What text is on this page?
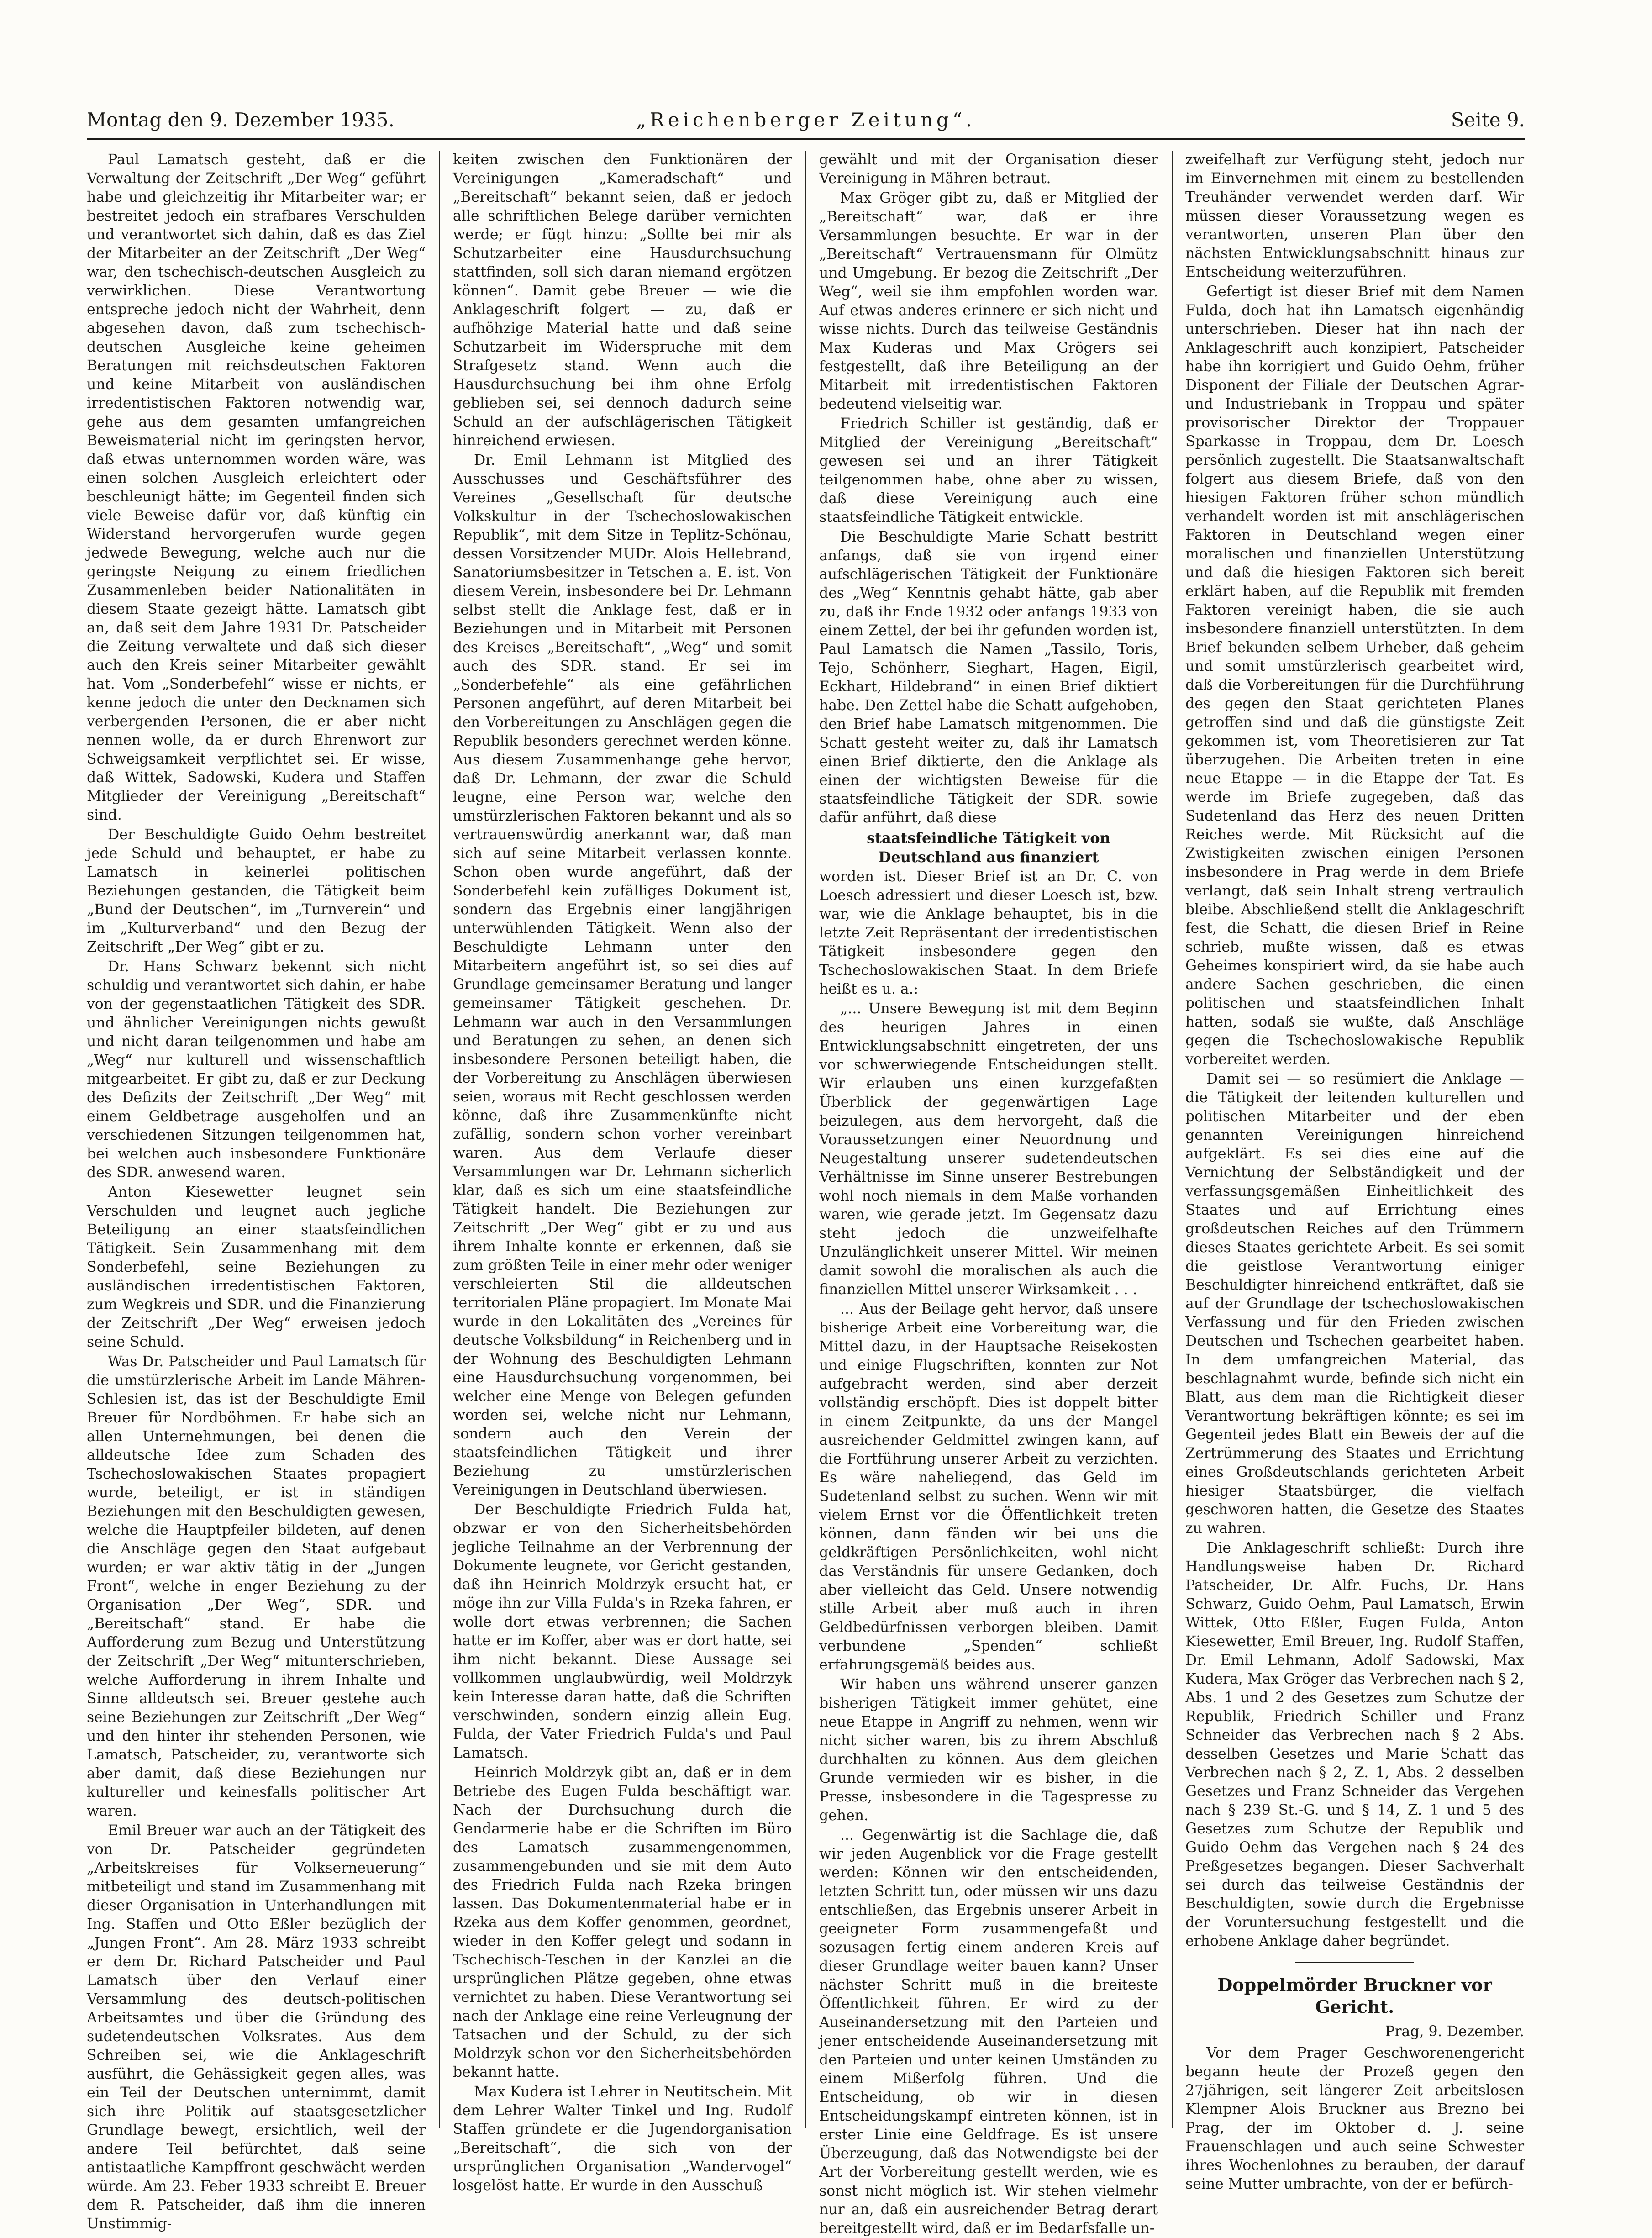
Montag den 9. Dezember 1935.	„Reichenberger Zeitung“.	Seite 9.

Paul Lamatsch gesteht, daß er die Verwaltung der Zeitschrift „Der Weg“ geführt habe und gleichzeitig ihr Mitarbeiter war; er bestreitet jedoch ein strafbares Verschulden und verantwortet sich dahin, daß es das Ziel der Mitarbeiter an der Zeitschrift „Der Weg“ war, den tschechisch-deutschen Ausgleich zu verwirklichen. Diese Verantwortung entspreche jedoch nicht der Wahrheit, denn abgesehen davon, daß zum tschechisch-deutschen Ausgleiche keine geheimen Beratungen mit reichsdeutschen Faktoren und keine Mitarbeit von ausländischen irredentistischen Faktoren notwendig war, gehe aus dem gesamten umfangreichen Beweismaterial nicht im geringsten hervor, daß etwas unternommen worden wäre, was einen solchen Ausgleich erleichtert oder beschleunigt hätte; im Gegenteil finden sich viele Beweise dafür vor, daß künftig ein Widerstand hervorgerufen wurde gegen jedwede Bewegung, welche auch nur die geringste Neigung zu einem friedlichen Zusammenleben beider Nationalitäten in diesem Staate gezeigt hätte. Lamatsch gibt an, daß seit dem Jahre 1931 Dr. Patscheider die Zeitung verwaltete und daß sich dieser auch den Kreis seiner Mitarbeiter gewählt hat. Vom „Sonderbefehl“ wisse er nichts, er kenne jedoch die unter den Decknamen sich verbergenden Personen, die er aber nicht nennen wolle, da er durch Ehrenwort zur Schweigsamkeit verpflichtet sei. Er wisse, daß Wittek, Sadowski, Kudera und Staffen Mitglieder der Vereinigung „Bereitschaft“ sind.

Der Beschuldigte Guido Oehm bestreitet jede Schuld und behauptet, er habe zu Lamatsch in keinerlei politischen Beziehungen gestanden, die Tätigkeit beim „Bund der Deutschen“, im „Turnverein“ und im „Kulturverband“ und den Bezug der Zeitschrift „Der Weg“ gibt er zu.

Dr. Hans Schwarz bekennt sich nicht schuldig und verantwortet sich dahin, er habe von der gegenstaatlichen Tätigkeit des SDR. und ähnlicher Vereinigungen nichts gewußt und nicht daran teilgenommen und habe am „Weg“ nur kulturell und wissenschaftlich mitgearbeitet. Er gibt zu, daß er zur Deckung des Defizits der Zeitschrift „Der Weg“ mit einem Geldbetrage ausgeholfen und an verschiedenen Sitzungen teilgenommen hat, bei welchen auch insbesondere Funktionäre des SDR. anwesend waren.

Anton Kiesewetter leugnet sein Verschulden und leugnet auch jegliche Beteiligung an einer staatsfeindlichen Tätigkeit. Sein Zusammenhang mit dem Sonderbefehl, seine Beziehungen zu ausländischen irredentistischen Faktoren, zum Wegkreis und SDR. und die Finanzierung der Zeitschrift „Der Weg“ erweisen jedoch seine Schuld.

Was Dr. Patscheider und Paul Lamatsch für die umstürzlerische Arbeit im Lande Mähren-Schlesien ist, das ist der Beschuldigte Emil Breuer für Nordböhmen. Er habe sich an allen Unternehmungen, bei denen die alldeutsche Idee zum Schaden des Tschechoslowakischen Staates propagiert wurde, beteiligt, er ist in ständigen Beziehungen mit den Beschuldigten gewesen, welche die Hauptpfeiler bildeten, auf denen die Anschläge gegen den Staat aufgebaut wurden; er war aktiv tätig in der „Jungen Front“, welche in enger Beziehung zu der Organisation „Der Weg“, SDR. und „Bereitschaft“ stand. Er habe die Aufforderung zum Bezug und Unterstützung der Zeitschrift „Der Weg“ mitunterschrieben, welche Aufforderung in ihrem Inhalte und Sinne alldeutsch sei. Breuer gestehe auch seine Beziehungen zur Zeitschrift „Der Weg“ und den hinter ihr stehenden Personen, wie Lamatsch, Patscheider, zu, verantworte sich aber damit, daß diese Beziehungen nur kultureller und keinesfalls politischer Art waren.

Emil Breuer war auch an der Tätigkeit des von Dr. Patscheider gegründeten „Arbeitskreises für Volkserneuerung“ mitbeteiligt und stand im Zusammenhang mit dieser Organisation in Unterhandlungen mit Ing. Staffen und Otto Eßler bezüglich der „Jungen Front“. Am 28. März 1933 schreibt er dem Dr. Richard Patscheider und Paul Lamatsch über den Verlauf einer Versammlung des deutsch-politischen Arbeitsamtes und über die Gründung des sudetendeutschen Volksrates. Aus dem Schreiben sei, wie die Anklageschrift ausführt, die Gehässigkeit gegen alles, was ein Teil der Deutschen unternimmt, damit sich ihre Politik auf staatsgesetzlicher Grundlage bewegt, ersichtlich, weil der andere Teil befürchtet, daß seine antistaatliche Kampffront geschwächt werden würde. Am 23. Feber 1933 schreibt E. Breuer dem R. Patscheider, daß ihm die inneren Unstimmig-

keiten zwischen den Funktionären der Vereinigungen „Kameradschaft“ und „Bereitschaft“ bekannt seien, daß er jedoch alle schriftlichen Belege darüber vernichten werde; er fügt hinzu: „Sollte bei mir als Schutzarbeiter eine Hausdurchsuchung stattfinden, soll sich daran niemand ergötzen können“. Damit gebe Breuer — wie die Anklageschrift folgert — zu, daß er aufhöhzige Material hatte und daß seine Schutzarbeit im Widerspruche mit dem Strafgesetz stand. Wenn auch die Hausdurchsuchung bei ihm ohne Erfolg geblieben sei, sei dennoch dadurch seine Schuld an der aufschlägerischen Tätigkeit hinreichend erwiesen.

Dr. Emil Lehmann ist Mitglied des Ausschusses und Geschäftsführer des Vereines „Gesellschaft für deutsche Volkskultur in der Tschechoslowakischen Republik“, mit dem Sitze in Teplitz-Schönau, dessen Vorsitzender MUDr. Alois Hellebrand, Sanatoriumsbesitzer in Tetschen a. E. ist. Von diesem Verein, insbesondere bei Dr. Lehmann selbst stellt die Anklage fest, daß er in Beziehungen und in Mitarbeit mit Personen des Kreises „Bereitschaft“, „Weg“ und somit auch des SDR. stand. Er sei im „Sonderbefehle“ als eine gefährlichen Personen angeführt, auf deren Mitarbeit bei den Vorbereitungen zu Anschlägen gegen die Republik besonders gerechnet werden könne. Aus diesem Zusammenhange gehe hervor, daß Dr. Lehmann, der zwar die Schuld leugne, eine Person war, welche den umstürzlerischen Faktoren bekannt und als so vertrauenswürdig anerkannt war, daß man sich auf seine Mitarbeit verlassen konnte. Schon oben wurde angeführt, daß der Sonderbefehl kein zufälliges Dokument ist, sondern das Ergebnis einer langjährigen unterwühlenden Tätigkeit. Wenn also der Beschuldigte Lehmann unter den Mitarbeitern angeführt ist, so sei dies auf Grundlage gemeinsamer Beratung und langer gemeinsamer Tätigkeit geschehen. Dr. Lehmann war auch in den Versammlungen und Beratungen zu sehen, an denen sich insbesondere Personen beteiligt haben, die der Vorbereitung zu Anschlägen überwiesen seien, woraus mit Recht geschlossen werden könne, daß ihre Zusammenkünfte nicht zufällig, sondern schon vorher vereinbart waren. Aus dem Verlaufe dieser Versammlungen war Dr. Lehmann sicherlich klar, daß es sich um eine staatsfeindliche Tätigkeit handelt. Die Beziehungen zur Zeitschrift „Der Weg“ gibt er zu und aus ihrem Inhalte konnte er erkennen, daß sie zum größten Teile in einer mehr oder weniger verschleierten Stil die alldeutschen territorialen Pläne propagiert. Im Monate Mai wurde in den Lokalitäten des „Vereines für deutsche Volksbildung“ in Reichenberg und in der Wohnung des Beschuldigten Lehmann eine Hausdurchsuchung vorgenommen, bei welcher eine Menge von Belegen gefunden worden sei, welche nicht nur Lehmann, sondern auch den Verein der staatsfeindlichen Tätigkeit und ihrer Beziehung zu umstürzlerischen Vereinigungen in Deutschland überwiesen.

Der Beschuldigte Friedrich Fulda hat, obzwar er von den Sicherheitsbehörden jegliche Teilnahme an der Verbrennung der Dokumente leugnete, vor Gericht gestanden, daß ihn Heinrich Moldrzyk ersucht hat, er möge ihn zur Villa Fulda's in Rzeka fahren, er wolle dort etwas verbrennen; die Sachen hatte er im Koffer, aber was er dort hatte, sei ihm nicht bekannt. Diese Aussage sei vollkommen unglaubwürdig, weil Moldrzyk kein Interesse daran hatte, daß die Schriften verschwinden, sondern einzig allein Eug. Fulda, der Vater Friedrich Fulda's und Paul Lamatsch.

Heinrich Moldrzyk gibt an, daß er in dem Betriebe des Eugen Fulda beschäftigt war. Nach der Durchsuchung durch die Gendarmerie habe er die Schriften im Büro des Lamatsch zusammengenommen, zusammengebunden und sie mit dem Auto des Friedrich Fulda nach Rzeka bringen lassen. Das Dokumentenmaterial habe er in Rzeka aus dem Koffer genommen, geordnet, wieder in den Koffer gelegt und sodann in Tschechisch-Teschen in der Kanzlei an die ursprünglichen Plätze gegeben, ohne etwas vernichtet zu haben. Diese Verantwortung sei nach der Anklage eine reine Verleugnung der Tatsachen und der Schuld, zu der sich Moldrzyk schon vor den Sicherheitsbehörden bekannt hatte.

Max Kudera ist Lehrer in Neutitschein. Mit dem Lehrer Walter Tinkel und Ing. Rudolf Staffen gründete er die Jugendorganisation „Bereitschaft“, die sich von der ursprünglichen Organisation „Wandervogel“ losgelöst hatte. Er wurde in den Ausschuß

gewählt und mit der Organisation dieser Vereinigung in Mähren betraut.

Max Gröger gibt zu, daß er Mitglied der „Bereitschaft“ war, daß er ihre Versammlungen besuchte. Er war in der „Bereitschaft“ Vertrauensmann für Olmütz und Umgebung. Er bezog die Zeitschrift „Der Weg“, weil sie ihm empfohlen worden war. Auf etwas anderes erinnere er sich nicht und wisse nichts. Durch das teilweise Geständnis Max Kuderas und Max Grögers sei festgestellt, daß ihre Beteiligung an der Mitarbeit mit irredentistischen Faktoren bedeutend vielseitig war.

Friedrich Schiller ist geständig, daß er Mitglied der Vereinigung „Bereitschaft“ gewesen sei und an ihrer Tätigkeit teilgenommen habe, ohne aber zu wissen, daß diese Vereinigung auch eine staatsfeindliche Tätigkeit entwickle.

Die Beschuldigte Marie Schatt bestritt anfangs, daß sie von irgend einer aufschlägerischen Tätigkeit der Funktionäre des „Weg“ Kenntnis gehabt hätte, gab aber zu, daß ihr Ende 1932 oder anfangs 1933 von einem Zettel, der bei ihr gefunden worden ist, Paul Lamatsch die Namen „Tassilo, Toris, Tejo, Schönherr, Sieghart, Hagen, Eigil, Eckhart, Hildebrand“ in einen Brief diktiert habe. Den Zettel habe die Schatt aufgehoben, den Brief habe Lamatsch mitgenommen. Die Schatt gesteht weiter zu, daß ihr Lamatsch einen Brief diktierte, den die Anklage als einen der wichtigsten Beweise für die staatsfeindliche Tätigkeit der SDR. sowie dafür anführt, daß diese

staatsfeindliche Tätigkeit von Deutschland aus finanziert

worden ist. Dieser Brief ist an Dr. C. von Loesch adressiert und dieser Loesch ist, bzw. war, wie die Anklage behauptet, bis in die letzte Zeit Repräsentant der irredentistischen Tätigkeit insbesondere gegen den Tschechoslowakischen Staat. In dem Briefe heißt es u. a.:

„... Unsere Bewegung ist mit dem Beginn des heurigen Jahres in einen Entwicklungsabschnitt eingetreten, der uns vor schwerwiegende Entscheidungen stellt. Wir erlauben uns einen kurzgefaßten Überblick der gegenwärtigen Lage beizulegen, aus dem hervorgeht, daß die Voraussetzungen einer Neuordnung und Neugestaltung unserer sudetendeutschen Verhältnisse im Sinne unserer Bestrebungen wohl noch niemals in dem Maße vorhanden waren, wie gerade jetzt. Im Gegensatz dazu steht jedoch die unzweifelhafte Unzulänglichkeit unserer Mittel. Wir meinen damit sowohl die moralischen als auch die finanziellen Mittel unserer Wirksamkeit . . .

... Aus der Beilage geht hervor, daß unsere bisherige Arbeit eine Vorbereitung war, die Mittel dazu, in der Hauptsache Reisekosten und einige Flugschriften, konnten zur Not aufgebracht werden, sind aber derzeit vollständig erschöpft. Dies ist doppelt bitter in einem Zeitpunkte, da uns der Mangel ausreichender Geldmittel zwingen kann, auf die Fortführung unserer Arbeit zu verzichten. Es wäre naheliegend, das Geld im Sudetenland selbst zu suchen. Wenn wir mit vielem Ernst vor die Öffentlichkeit treten können, dann fänden wir bei uns die geldkräftigen Persönlichkeiten, wohl nicht das Verständnis für unsere Gedanken, doch aber vielleicht das Geld. Unsere notwendig stille Arbeit aber muß auch in ihren Geldbedürfnissen verborgen bleiben. Damit verbundene „Spenden“ schließt erfahrungsgemäß beides aus.

Wir haben uns während unserer ganzen bisherigen Tätigkeit immer gehütet, eine neue Etappe in Angriff zu nehmen, wenn wir nicht sicher waren, bis zu ihrem Abschluß durchhalten zu können. Aus dem gleichen Grunde vermieden wir es bisher, in die Presse, insbesondere in die Tagespresse zu gehen.

... Gegenwärtig ist die Sachlage die, daß wir jeden Augenblick vor die Frage gestellt werden: Können wir den entscheidenden, letzten Schritt tun, oder müssen wir uns dazu entschließen, das Ergebnis unserer Arbeit in geeigneter Form zusammengefaßt und sozusagen fertig einem anderen Kreis auf dieser Grundlage weiter bauen kann? Unser nächster Schritt muß in die breiteste Öffentlichkeit führen. Er wird zu der Auseinandersetzung mit den Parteien und jener entscheidende Auseinandersetzung mit den Parteien und unter keinen Umständen zu einem Mißerfolg führen. Und die Entscheidung, ob wir in diesen Entscheidungskampf eintreten können, ist in erster Linie eine Geldfrage. Es ist unsere Überzeugung, daß das Notwendigste bei der Art der Vorbereitung gestellt werden, wie es sonst nicht möglich ist. Wir stehen vielmehr nur an, daß ein ausreichender Betrag derart bereitgestellt wird, daß er im Bedarfsfalle un-

zweifelhaft zur Verfügung steht, jedoch nur im Einvernehmen mit einem zu bestellenden Treuhänder verwendet werden darf. Wir müssen dieser Voraussetzung wegen es verantworten, unseren Plan über den nächsten Entwicklungsabschnitt hinaus zur Entscheidung weiterzuführen.

Gefertigt ist dieser Brief mit dem Namen Fulda, doch hat ihn Lamatsch eigenhändig unterschrieben. Dieser hat ihn nach der Anklageschrift auch konzipiert, Patscheider habe ihn korrigiert und Guido Oehm, früher Disponent der Filiale der Deutschen Agrar- und Industriebank in Troppau und später provisorischer Direktor der Troppauer Sparkasse in Troppau, dem Dr. Loesch persönlich zugestellt. Die Staatsanwaltschaft folgert aus diesem Briefe, daß von den hiesigen Faktoren früher schon mündlich verhandelt worden ist mit anschlägerischen Faktoren in Deutschland wegen einer moralischen und finanziellen Unterstützung und daß die hiesigen Faktoren sich bereit erklärt haben, auf die Republik mit fremden Faktoren vereinigt haben, die sie auch insbesondere finanziell unterstützten. In dem Brief bekunden selbem Urheber, daß geheim und somit umstürzlerisch gearbeitet wird, daß die Vorbereitungen für die Durchführung des gegen den Staat gerichteten Planes getroffen sind und daß die günstigste Zeit gekommen ist, vom Theoretisieren zur Tat überzugehen. Die Arbeiten treten in eine neue Etappe — in die Etappe der Tat. Es werde im Briefe zugegeben, daß das Sudetenland das Herz des neuen Dritten Reiches werde. Mit Rücksicht auf die Zwistigkeiten zwischen einigen Personen insbesondere in Prag werde in dem Briefe verlangt, daß sein Inhalt streng vertraulich bleibe. Abschließend stellt die Anklageschrift fest, die Schatt, die diesen Brief in Reine schrieb, mußte wissen, daß es etwas Geheimes konspiriert wird, da sie habe auch andere Sachen geschrieben, die einen politischen und staatsfeindlichen Inhalt hatten, sodaß sie wußte, daß Anschläge gegen die Tschechoslowakische Republik vorbereitet werden.

Damit sei — so resümiert die Anklage — die Tätigkeit der leitenden kulturellen und politischen Mitarbeiter und der eben genannten Vereinigungen hinreichend aufgeklärt. Es sei dies eine auf die Vernichtung der Selbständigkeit und der verfassungsgemäßen Einheitlichkeit des Staates und auf Errichtung eines großdeutschen Reiches auf den Trümmern dieses Staates gerichtete Arbeit. Es sei somit die geistlose Verantwortung einiger Beschuldigter hinreichend entkräftet, daß sie auf der Grundlage der tschechoslowakischen Verfassung und für den Frieden zwischen Deutschen und Tschechen gearbeitet haben. In dem umfangreichen Material, das beschlagnahmt wurde, befinde sich nicht ein Blatt, aus dem man die Richtigkeit dieser Verantwortung bekräftigen könnte; es sei im Gegenteil jedes Blatt ein Beweis der auf die Zertrümmerung des Staates und Errichtung eines Großdeutschlands gerichteten Arbeit hiesiger Staatsbürger, die vielfach geschworen hatten, die Gesetze des Staates zu wahren.

Die Anklageschrift schließt: Durch ihre Handlungsweise haben Dr. Richard Patscheider, Dr. Alfr. Fuchs, Dr. Hans Schwarz, Guido Oehm, Paul Lamatsch, Erwin Wittek, Otto Eßler, Eugen Fulda, Anton Kiesewetter, Emil Breuer, Ing. Rudolf Staffen, Dr. Emil Lehmann, Adolf Sadowski, Max Kudera, Max Gröger das Verbrechen nach § 2, Abs. 1 und 2 des Gesetzes zum Schutze der Republik, Friedrich Schiller und Franz Schneider das Verbrechen nach § 2 Abs. desselben Gesetzes und Marie Schatt das Verbrechen nach § 2, Z. 1, Abs. 2 desselben Gesetzes und Franz Schneider das Vergehen nach § 239 St.-G. und § 14, Z. 1 und 5 des Gesetzes zum Schutze der Republik und Guido Oehm das Vergehen nach § 24 des Preßgesetzes begangen. Dieser Sachverhalt sei durch das teilweise Geständnis der Beschuldigten, sowie durch die Ergebnisse der Voruntersuchung festgestellt und die erhobene Anklage daher begründet.

Doppelmörder Bruckner vor Gericht.
Prag, 9. Dezember.

Vor dem Prager Geschworenengericht begann heute der Prozeß gegen den 27jährigen, seit längerer Zeit arbeitslosen Klempner Alois Bruckner aus Brezno bei Prag, der im Oktober d. J. seine Frauenschlagen und auch seine Schwester ihres Wochenlohnes zu berauben, der darauf seine Mutter umbrachte, von der er befürch-
